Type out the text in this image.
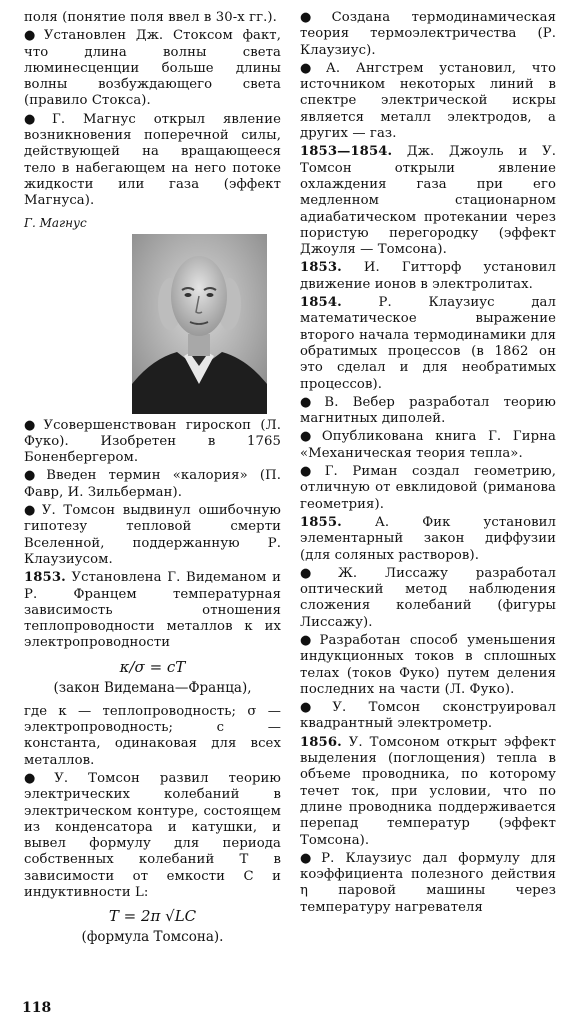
поля (понятие поля ввел в 30-х гг.).

● Установлен Дж. Стоксом факт, что длина волны света люминесценции больше длины волны возбуждающего света (правило Стокса).

● Г. Магнус открыл явление возникновения поперечной силы, действующей на вращающееся тело в набегающем на него потоке жидкости или газа (эффект Магнуса).

Г. Магнус

● Усовершенствован гироскоп (Л. Фуко). Изобретен в 1765 Боненбергером.

● Введен термин «калория» (П. Фавр, И. Зильберман).

● У. Томсон выдвинул ошибочную гипотезу тепловой смерти Вселенной, поддержанную Р. Клаузиусом.

1853. Установлена Г. Видеманом и Р. Францем температурная зависимость отношения теплопроводности металлов к их электропроводности

κ/σ = cT
(закон Видемана—Франца),

где κ — теплопроводность; σ — электропроводность; c — константа, одинаковая для всех металлов.

● У. Томсон развил теорию электрических колебаний в электрическом контуре, состоящем из конденсатора и катушки, и вывел формулу для периода собственных колебаний T в зависимости от емкости C и индуктивности L:

T = 2π √LC
(формула Томсона).

● Создана термодинамическая теория термоэлектричества (Р. Клаузиус).

● А. Ангстрем установил, что источником некоторых линий в спектре электрической искры является металл электродов, а других — газ.

1853—1854. Дж. Джоуль и У. Томсон открыли явление охлаждения газа при его медленном стационарном адиабатическом протекании через пористую перегородку (эффект Джоуля — Томсона).

1853. И. Гитторф установил движение ионов в электролитах.

1854.	Р. Клаузиус дал математическое выражение второго начала термодинамики для обратимых процессов (в 1862 он это сделал и для необратимых процессов).

● В. Вебер разработал теорию магнитных диполей.

● Опубликована книга Г. Гирна «Механическая теория тепла».

● Г. Риман создал геометрию, отличную от евклидовой (римановa геометрия).

1855.	А. Фик установил элементарный закон диффузии (для соляных растворов).

● Ж. Лиссажу разработал оптический метод наблюдения сложения колебаний (фигуры Лиссажу).

● Разработан способ уменьшения индукционных токов в сплошных телах (токов Фуко) путем деления последних на части (Л. Фуко).

● У. Томсон сконструировал квадрантный электрометр.

1856. У. Томсоном открыт эффект выделения (поглощения) тепла в объеме проводника, по которому течет ток, при условии, что по длине проводника поддерживается перепад температур (эффект Томсона).

● Р. Клаузиус дал формулу для коэффициента полезного действия η паровой машины через температуру нагревателя

118
